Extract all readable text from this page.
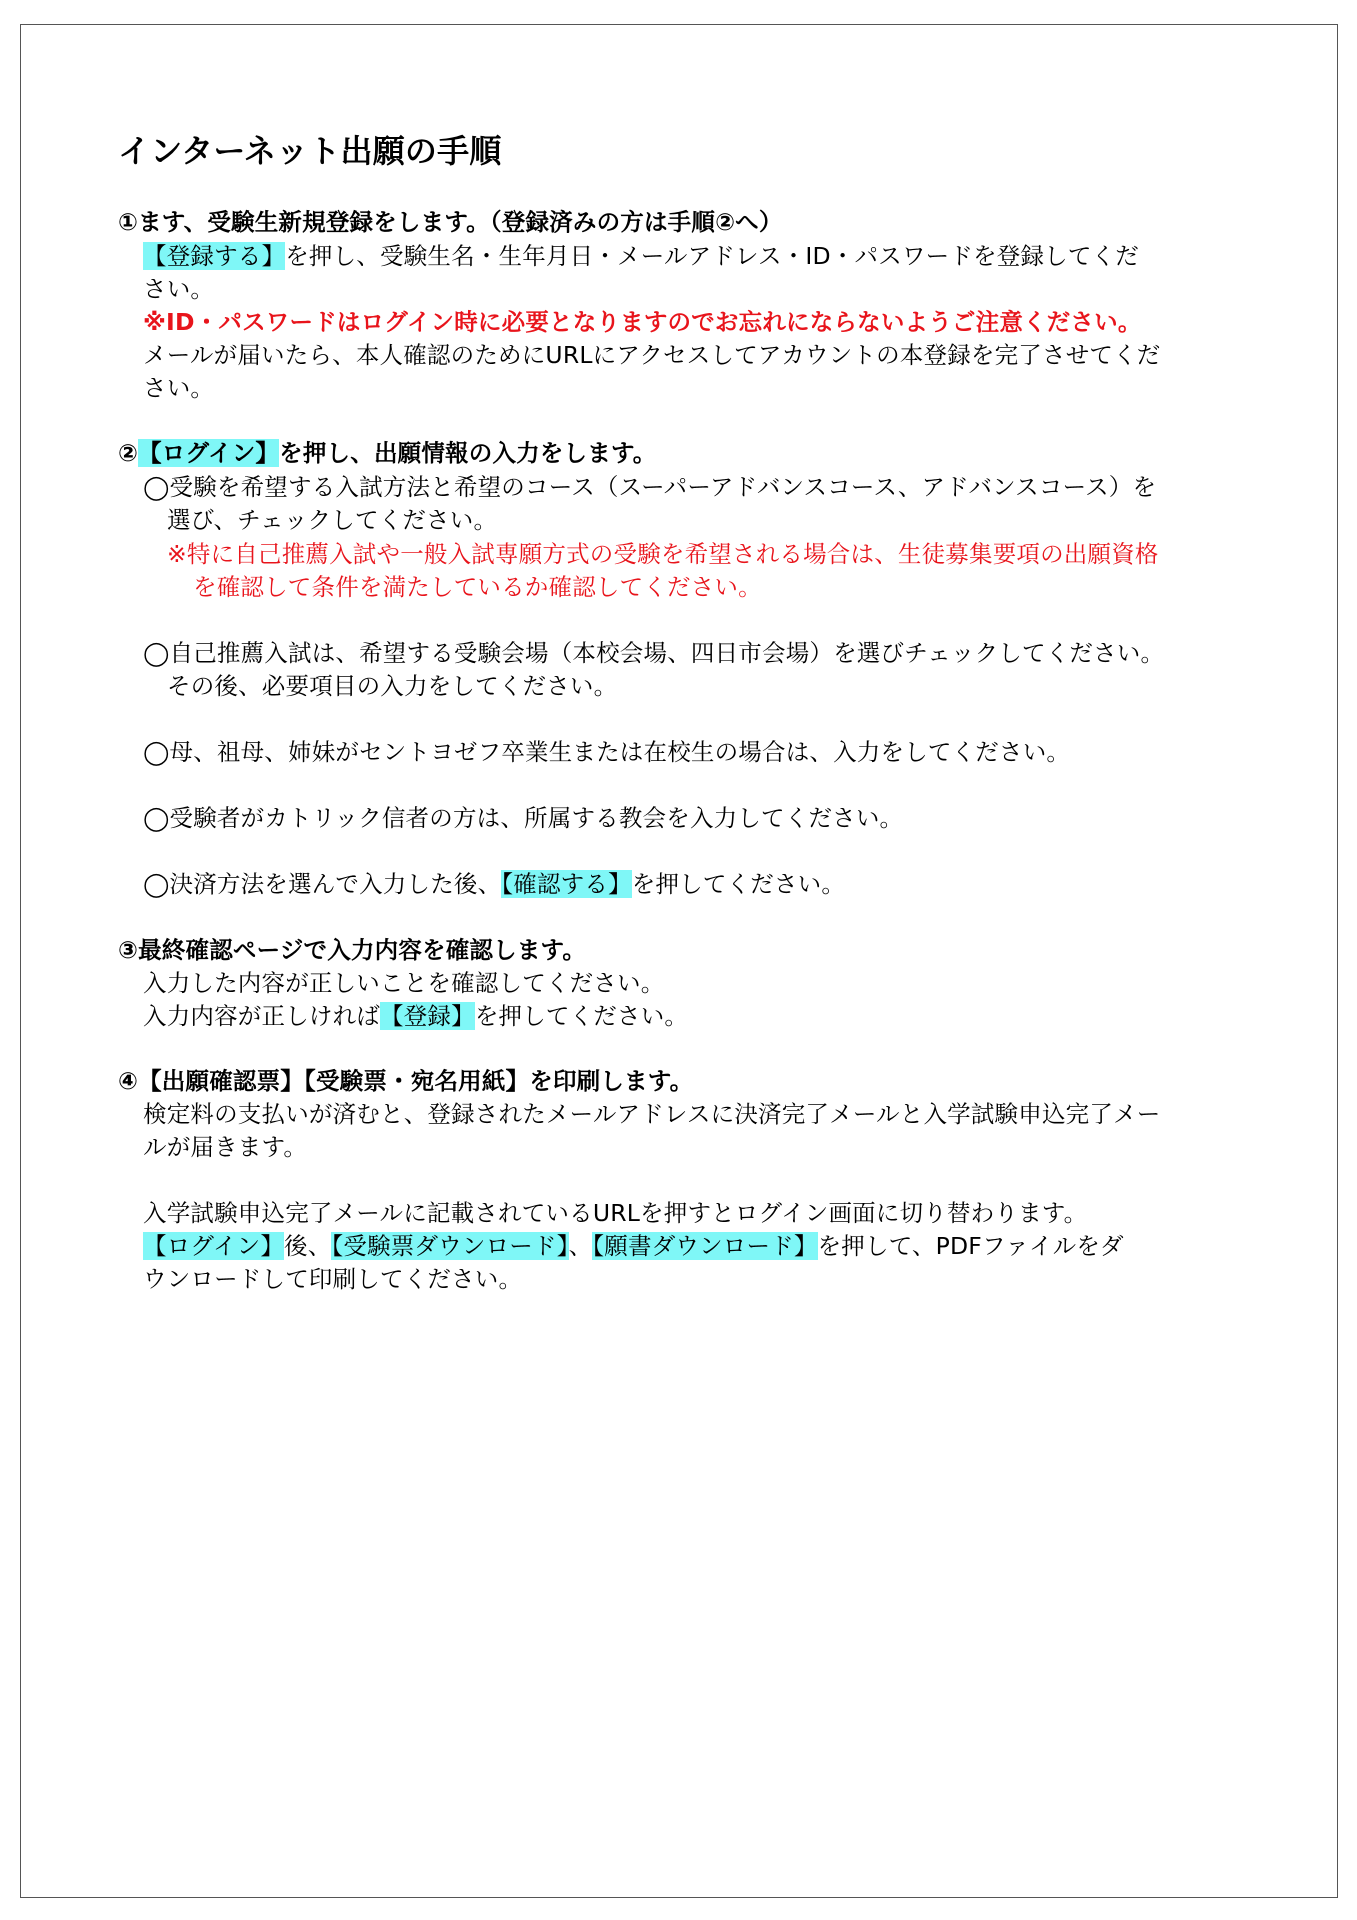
インターネット出願の手順
①ます、受験生新規登録をします。（登録済みの方は手順②へ）
【登録する】を押し、受験生名・生年月日・メールアドレス・ID・パスワードを登録してくだ
さい。
※ID・パスワードはログイン時に必要となりますのでお忘れにならないようご注意ください。
メールが届いたら、本人確認のためにURLにアクセスしてアカウントの本登録を完了させてくだ
さい。
②【ログイン】を押し、出願情報の入力をします。
◯受験を希望する入試方法と希望のコース（スーパーアドバンスコース、アドバンスコース）を
選び、チェックしてください。
※特に自己推薦入試や一般入試専願方式の受験を希望される場合は、生徒募集要項の出願資格
を確認して条件を満たしているか確認してください。
◯自己推薦入試は、希望する受験会場（本校会場、四日市会場）を選びチェックしてください。
その後、必要項目の入力をしてください。
◯母、祖母、姉妹がセントヨゼフ卒業生または在校生の場合は、入力をしてください。
◯受験者がカトリック信者の方は、所属する教会を入力してください。
◯決済方法を選んで入力した後、【確認する】を押してください。
③最終確認ページで入力内容を確認します。
入力した内容が正しいことを確認してください。
入力内容が正しければ【登録】を押してください。
④【出願確認票】【受験票・宛名用紙】を印刷します。
検定料の支払いが済むと、登録されたメールアドレスに決済完了メールと入学試験申込完了メー
ルが届きます。
入学試験申込完了メールに記載されているURLを押すとログイン画面に切り替わります。
【ログイン】後、【受験票ダウンロード】、【願書ダウンロード】を押して、PDFファイルをダ
ウンロードして印刷してください。
